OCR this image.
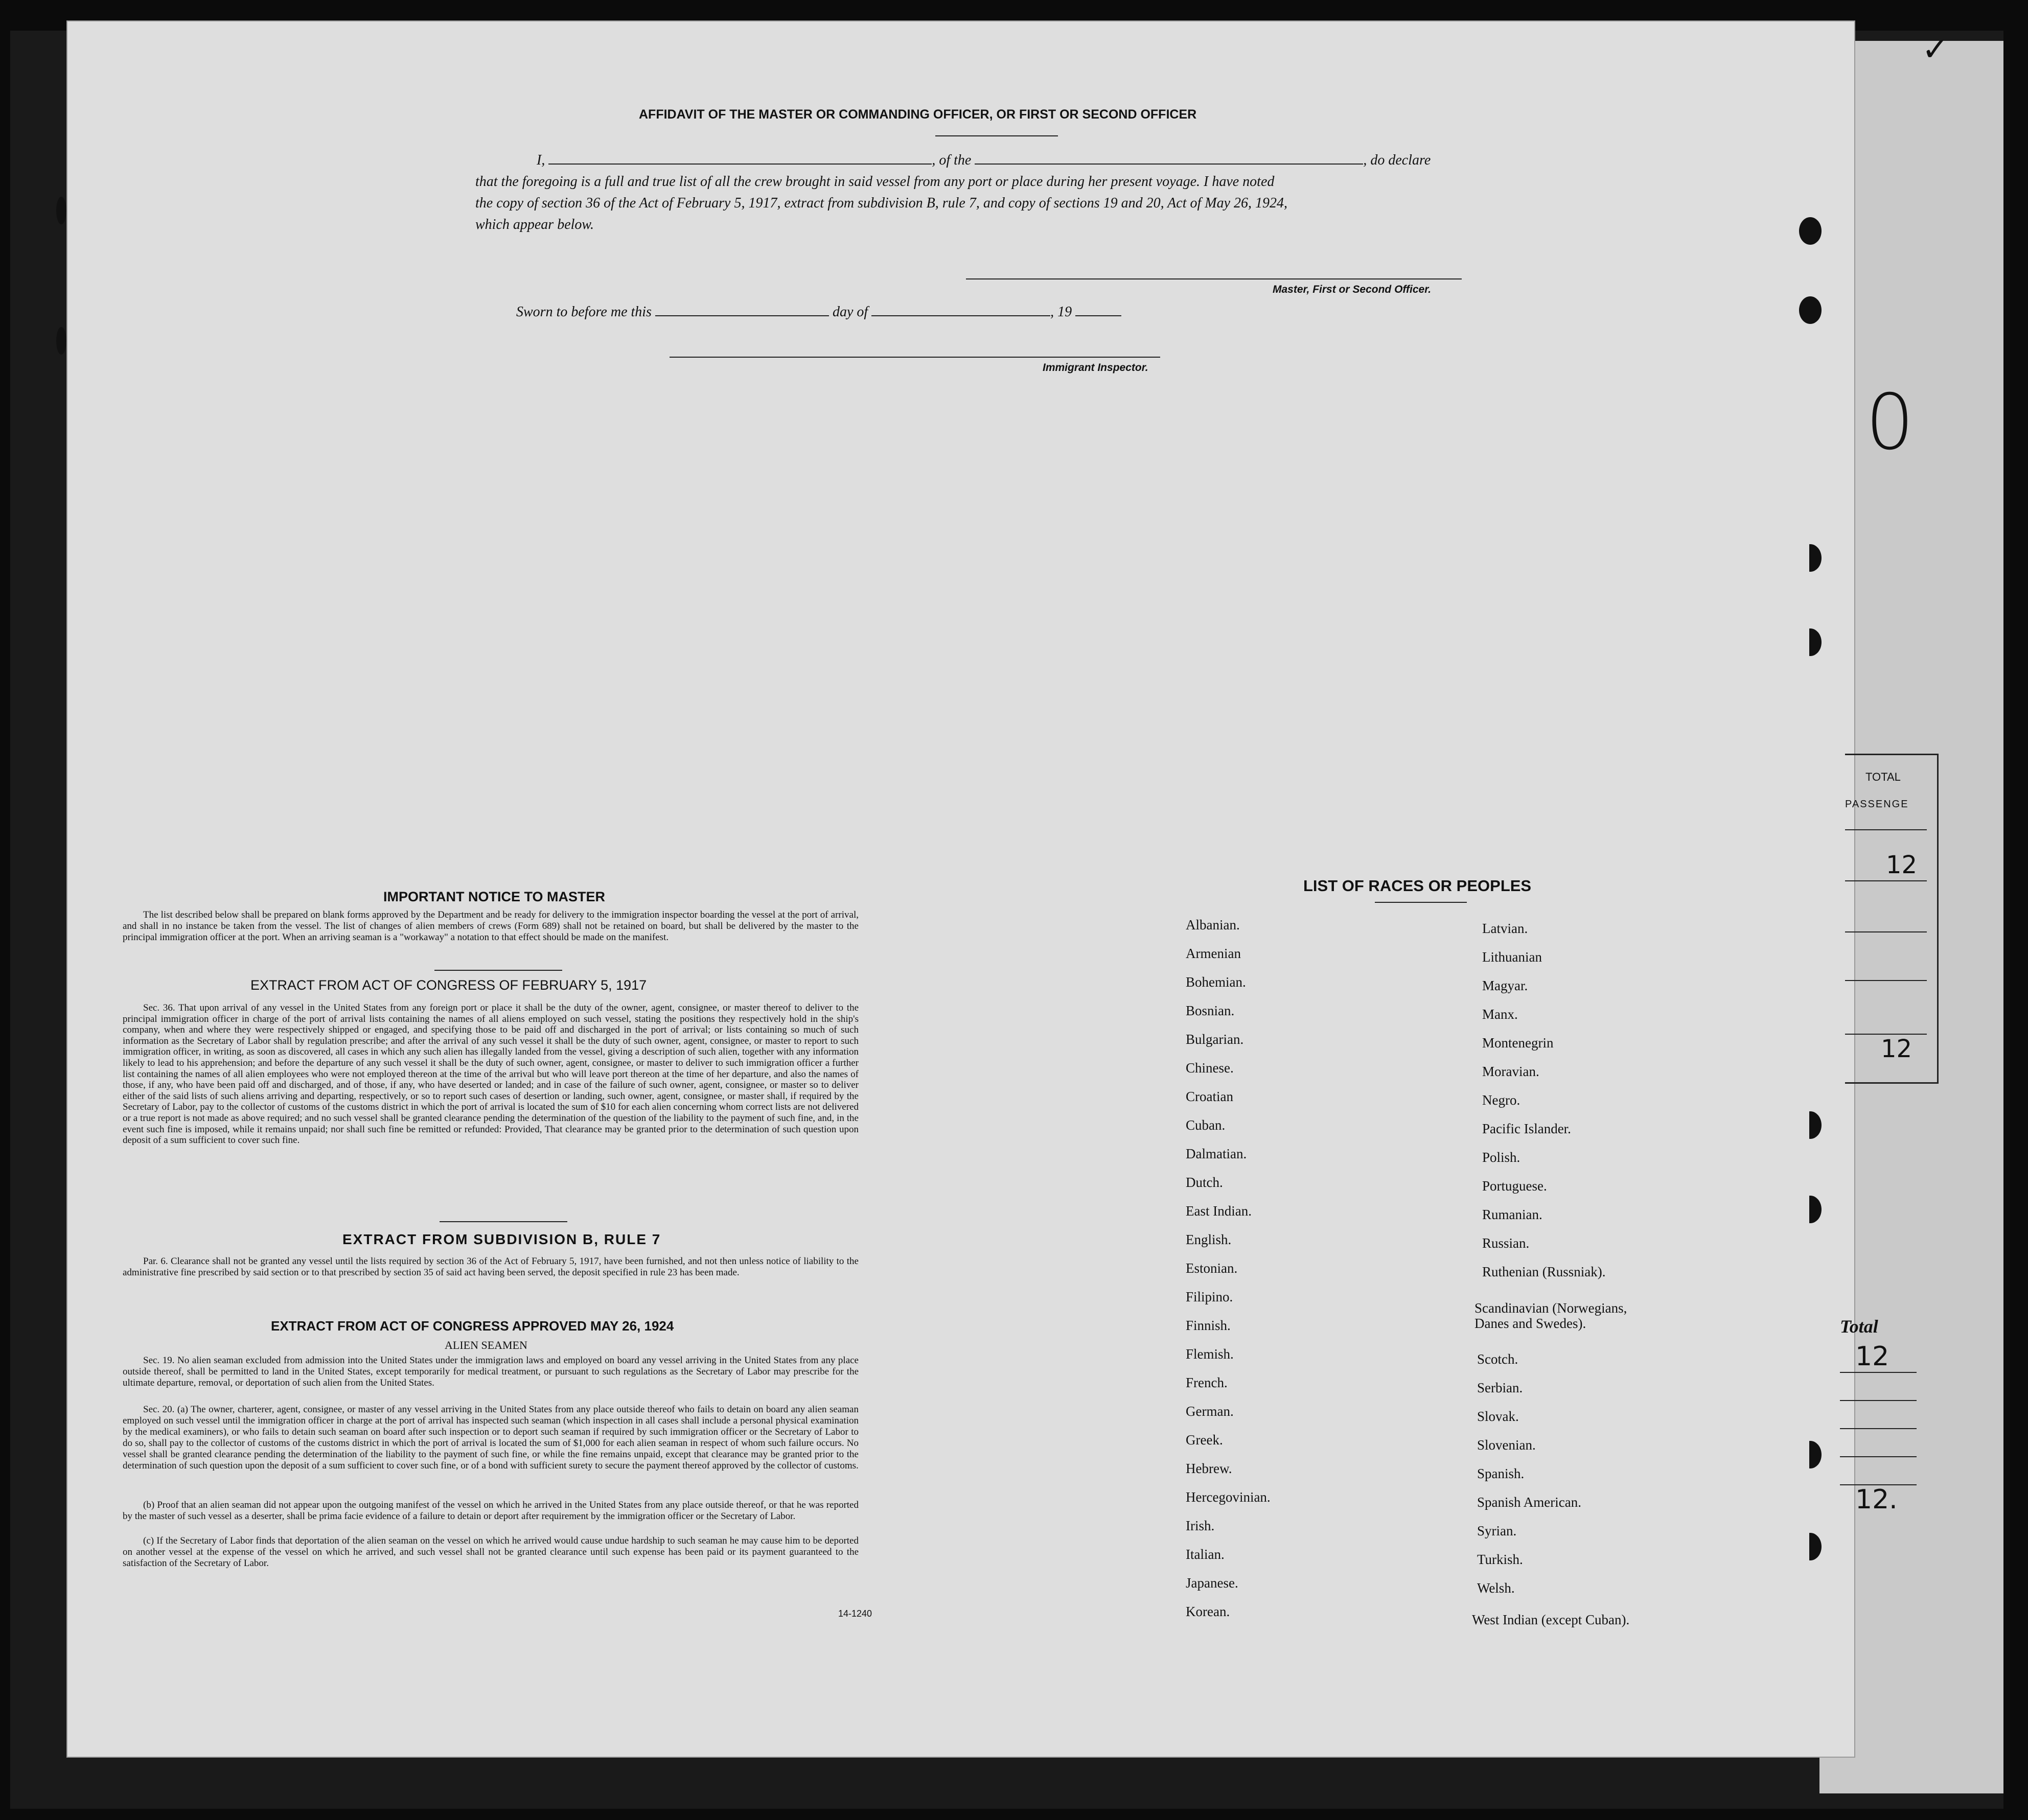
AFFIDAVIT OF THE MASTER OR COMMANDING OFFICER, OR FIRST OR SECOND OFFICER
I,	, of the	, do declare
that the foregoing is a full and true list of all the crew brought in said vessel from any port or place during her present voyage. I have noted
the copy of section 36 of the Act of February 5, 1917, extract from subdivision B, rule 7, and copy of sections 19 and 20, Act of May 26, 1924,
which appear below.
Master, First or Second Officer.
Sworn to before me this	day of	, 19
Immigrant Inspector.
IMPORTANT NOTICE TO MASTER
The list described below shall be prepared on blank forms approved by the Department and be ready for delivery to the immigration inspector boarding the vessel at the port of arrival, and shall in no instance be taken from the vessel. The list of changes of alien members of crews (Form 689) shall not be retained on board, but shall be delivered by the master to the principal immigration officer at the port. When an arriving seaman is a "workaway" a notation to that effect should be made on the manifest.
EXTRACT FROM ACT OF CONGRESS OF FEBRUARY 5, 1917
Sec. 36. That upon arrival of any vessel in the United States from any foreign port or place it shall be the duty of the owner, agent, consignee, or master thereof to deliver to the principal immigration officer in charge of the port of arrival lists containing the names of all aliens employed on such vessel, stating the positions they respectively hold in the ship's company, when and where they were respectively shipped or engaged, and specifying those to be paid off and discharged in the port of arrival; or lists containing so much of such information as the Secretary of Labor shall by regulation prescribe; and after the arrival of any such vessel it shall be the duty of such owner, agent, consignee, or master to report to such immigration officer, in writing, as soon as discovered, all cases in which any such alien has illegally landed from the vessel, giving a description of such alien, together with any information likely to lead to his apprehension; and before the departure of any such vessel it shall be the duty of such owner, agent, consignee, or master to deliver to such immigration officer a further list containing the names of all alien employees who were not employed thereon at the time of the arrival but who will leave port thereon at the time of her departure, and also the names of those, if any, who have been paid off and discharged, and of those, if any, who have deserted or landed; and in case of the failure of such owner, agent, consignee, or master so to deliver either of the said lists of such aliens arriving and departing, respectively, or so to report such cases of desertion or landing, such owner, agent, consignee, or master shall, if required by the Secretary of Labor, pay to the collector of customs of the customs district in which the port of arrival is located the sum of $10 for each alien concerning whom correct lists are not delivered or a true report is not made as above required; and no such vessel shall be granted clearance pending the determination of the question of the liability to the payment of such fine, and, in the event such fine is imposed, while it remains unpaid; nor shall such fine be remitted or refunded: Provided, That clearance may be granted prior to the determination of such question upon deposit of a sum sufficient to cover such fine.
EXTRACT FROM SUBDIVISION B, RULE 7
Par. 6. Clearance shall not be granted any vessel until the lists required by section 36 of the Act of February 5, 1917, have been furnished, and not then unless notice of liability to the administrative fine prescribed by said section or to that prescribed by section 35 of said act having been served, the deposit specified in rule 23 has been made.
EXTRACT FROM ACT OF CONGRESS APPROVED MAY 26, 1924
ALIEN SEAMEN
Sec. 19. No alien seaman excluded from admission into the United States under the immigration laws and employed on board any vessel arriving in the United States from any place outside thereof, shall be permitted to land in the United States, except temporarily for medical treatment, or pursuant to such regulations as the Secretary of Labor may prescribe for the ultimate departure, removal, or deportation of such alien from the United States.
Sec. 20. (a) The owner, charterer, agent, consignee, or master of any vessel arriving in the United States from any place outside thereof who fails to detain on board any alien seaman employed on such vessel until the immigration officer in charge at the port of arrival has inspected such seaman (which inspection in all cases shall include a personal physical examination by the medical examiners), or who fails to detain such seaman on board after such inspection or to deport such seaman if required by such immigration officer or the Secretary of Labor to do so, shall pay to the collector of customs of the customs district in which the port of arrival is located the sum of $1,000 for each alien seaman in respect of whom such failure occurs. No vessel shall be granted clearance pending the determination of the liability to the payment of such fine, or while the fine remains unpaid, except that clearance may be granted prior to the determination of such question upon the deposit of a sum sufficient to cover such fine, or of a bond with sufficient surety to secure the payment thereof approved by the collector of customs.
(b) Proof that an alien seaman did not appear upon the outgoing manifest of the vessel on which he arrived in the United States from any place outside thereof, or that he was reported by the master of such vessel as a deserter, shall be prima facie evidence of a failure to detain or deport after requirement by the immigration officer or the Secretary of Labor.
(c) If the Secretary of Labor finds that deportation of the alien seaman on the vessel on which he arrived would cause undue hardship to such seaman he may cause him to be deported on another vessel at the expense of the vessel on which he arrived, and such vessel shall not be granted clearance until such expense has been paid or its payment guaranteed to the satisfaction of the Secretary of Labor.
14-1240
LIST OF RACES OR PEOPLES
Albanian.
Armenian
Bohemian.
Bosnian.
Bulgarian.
Chinese.
Croatian
Cuban.
Dalmatian.
Dutch.
East Indian.
English.
Estonian.
Filipino.
Finnish.
Flemish.
French.
German.
Greek.
Hebrew.
Hercegovinian.
Irish.
Italian.
Japanese.
Korean.
Latvian.
Lithuanian
Magyar.
Manx.
Montenegrin
Moravian.
Negro.
Pacific Islander.
Polish.
Portuguese.
Rumanian.
Russian.
Ruthenian (Russniak).
Scandinavian (Norwegians, Danes and Swedes).
Scotch.
Serbian.
Slovak.
Slovenian.
Spanish.
Spanish American.
Syrian.
Turkish.
Welsh.
West Indian (except Cuban).
TOTAL
PASSENGE
12
12
Total
12
12.
0
✓
